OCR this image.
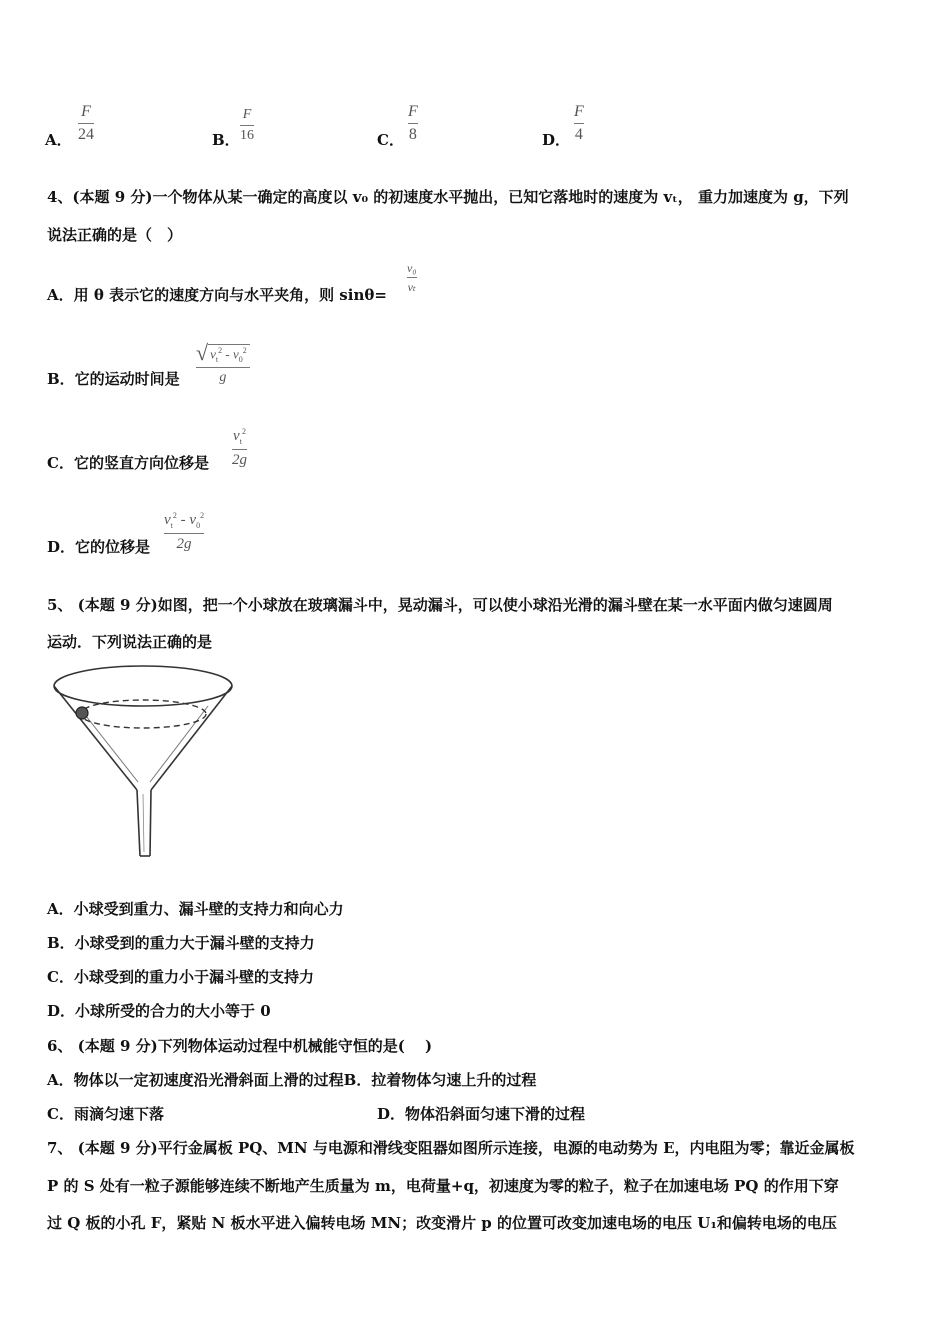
A．
F
24	B．
F
16	C．
F
8	D．
F
4
4、(本题 9 分)一个物体从某一确定的高度以 v₀ 的初速度水平抛出，已知它落地时的速度为 vₜ， 重力加速度为 g，下列
说法正确的是（　）
A．用 θ 表示它的速度方向与水平夹角，则 sinθ=
v₀
vₜ
B．它的运动时间是
√ $v_t^2 - v_0^2$
g
C．它的竖直方向位移是
$v_t^2$
2g
D．它的位移是
$v_t^2 - v_0^2$
2g
5、 (本题 9 分)如图，把一个小球放在玻璃漏斗中，晃动漏斗，可以使小球沿光滑的漏斗壁在某一水平面内做匀速圆周
运动．下列说法正确的是
A．小球受到重力、漏斗壁的支持力和向心力
B．小球受到的重力大于漏斗壁的支持力
C．小球受到的重力小于漏斗壁的支持力
D．小球所受的合力的大小等于 0
6、 (本题 9 分)下列物体运动过程中机械能守恒的是(　 )
A．物体以一定初速度沿光滑斜面上滑的过程B．拉着物体匀速上升的过程
C．雨滴匀速下落	D．物体沿斜面匀速下滑的过程
7、 (本题 9 分)平行金属板 PQ、MN 与电源和滑线变阻器如图所示连接，电源的电动势为 E，内电阻为零；靠近金属板
P 的 S 处有一粒子源能够连续不断地产生质量为 m，电荷量+q，初速度为零的粒子，粒子在加速电场 PQ 的作用下穿
过 Q 板的小孔 F，紧贴 N 板水平进入偏转电场 MN；改变滑片 p 的位置可改变加速电场的电压 U₁和偏转电场的电压
